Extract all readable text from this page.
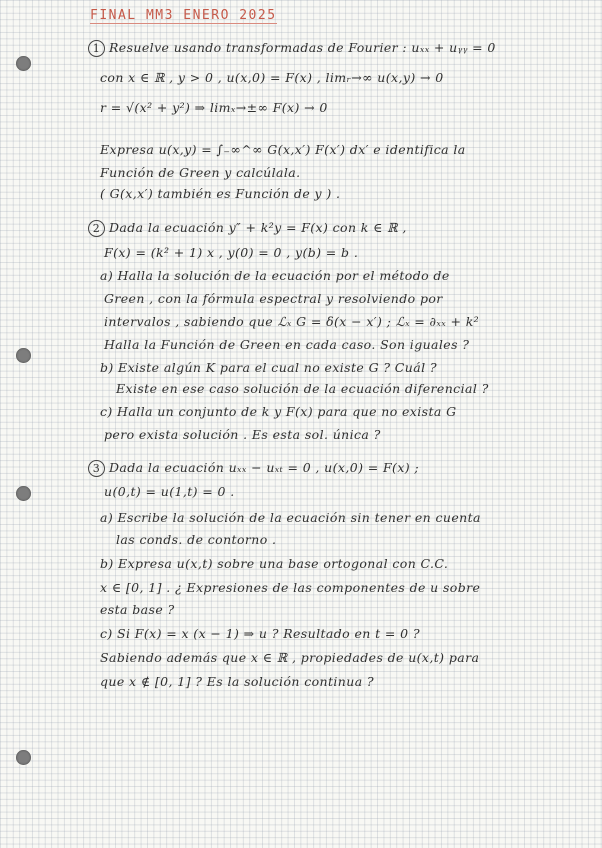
FINAL MM3 ENERO 2025
1 Resuelve usando transformadas de Fourier : uₓₓ + uᵧᵧ = 0
con x ∈ ℝ , y > 0 , u(x,0) = F(x) , limᵣ→∞ u(x,y) → 0
r = √(x² + y²) ⇒ limₓ→±∞ F(x) → 0
Expresa u(x,y) = ∫₋∞^∞ G(x,x′) F(x′) dx′ e identifica la
Función de Green y calcúlala.
( G(x,x′) también es Función de y ) .
2 Dada la ecuación y″ + k²y = F(x) con k ∈ ℝ ,
F(x) = (k² + 1) x , y(0) = 0 , y(b) = b .
a) Halla la solución de la ecuación por el método de
Green , con la fórmula espectral y resolviendo por
intervalos , sabiendo que ℒₓ G = δ(x − x′) ; ℒₓ = ∂ₓₓ + k²
Halla la Función de Green en cada caso. Son iguales ?
b) Existe algún K para el cual no existe G ? Cuál ?
Existe en ese caso solución de la ecuación diferencial ?
c) Halla un conjunto de k y F(x) para que no exista G
pero exista solución . Es esta sol. única ?
3 Dada la ecuación uₓₓ − uₓₜ = 0 , u(x,0) = F(x) ;
u(0,t) = u(1,t) = 0 .
a) Escribe la solución de la ecuación sin tener en cuenta
las conds. de contorno .
b) Expresa u(x,t) sobre una base ortogonal con C.C.
x ∈ [0, 1] . ¿ Expresiones de las componentes de u sobre
esta base ?
c) Si F(x) = x (x − 1) ⇒ u ? Resultado en t = 0 ?
Sabiendo además que x ∈ ℝ , propiedades de u(x,t) para
que x ∉ [0, 1] ? Es la solución continua ?
